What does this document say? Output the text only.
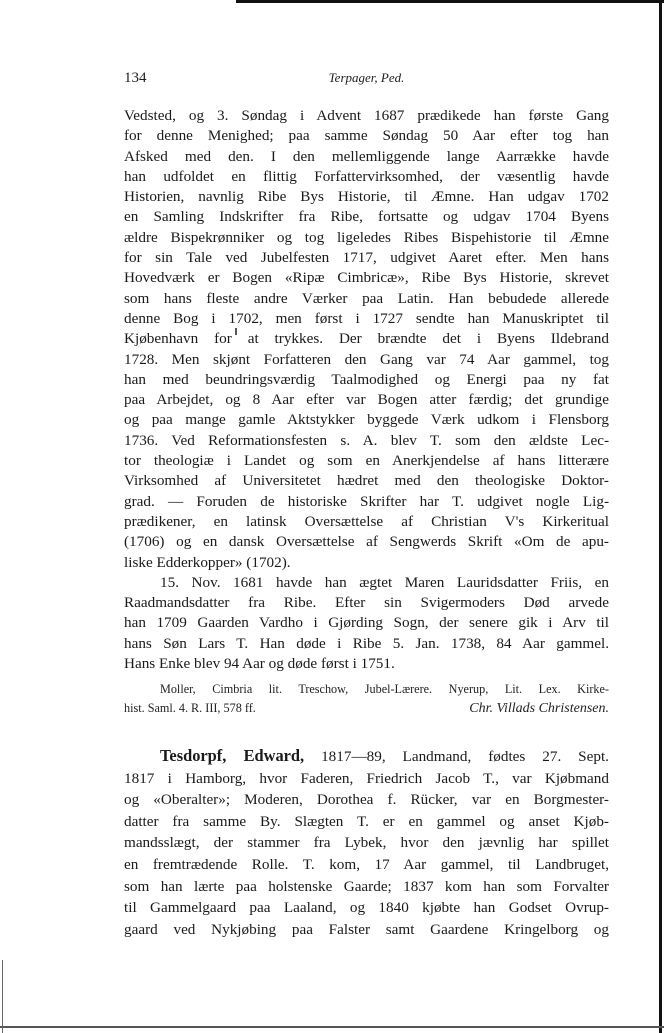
134	Terpager, Ped.
Vedsted, og 3. Søndag i Advent 1687 prædikede han første Gang
for denne Menighed; paa samme Søndag 50 Aar efter tog han
Afsked med den. I den mellemliggende lange Aarrække havde
han udfoldet en flittig Forfattervirksomhed, der væsentlig havde
Historien, navnlig Ribe Bys Historie, til Æmne. Han udgav 1702
en Samling Indskrifter fra Ribe, fortsatte og udgav 1704 Byens
ældre Bispekrønniker og tog ligeledes Ribes Bispehistorie til Æmne
for sin Tale ved Jubelfesten 1717, udgivet Aaret efter. Men hans
Hovedværk er Bogen «Ripæ Cimbricæ», Ribe Bys Historie, skrevet
som hans fleste andre Værker paa Latin. Han bebudede allerede
denne Bog i 1702, men først i 1727 sendte han Manuskriptet til
Kjøbenhavn for at trykkes. Der brændte det i Byens Ildebrand
1728. Men skjønt Forfatteren den Gang var 74 Aar gammel, tog
han med beundringsværdig Taalmodighed og Energi paa ny fat
paa Arbejdet, og 8 Aar efter var Bogen atter færdig; det grundige
og paa mange gamle Aktstykker byggede Værk udkom i Flensborg
1736. Ved Reformationsfesten s. A. blev T. som den ældste Lec-
tor theologiæ i Landet og som en Anerkjendelse af hans litterære
Virksomhed af Universitetet hædret med den theologiske Doktor-
grad. — Foruden de historiske Skrifter har T. udgivet nogle Lig-
prædikener, en latinsk Oversættelse af Christian V's Kirkeritual
(1706) og en dansk Oversættelse af Sengwerds Skrift «Om de apu-
liske Edderkopper» (1702).
15. Nov. 1681 havde han ægtet Maren Lauridsdatter Friis, en
Raadmandsdatter fra Ribe. Efter sin Svigermoders Død arvede
han 1709 Gaarden Vardho i Gjørding Sogn, der senere gik i Arv til
hans Søn Lars T. Han døde i Ribe 5. Jan. 1738, 84 Aar gammel.
Hans Enke blev 94 Aar og døde først i 1751.
Moller, Cimbria lit. Treschow, Jubel-Lærere. Nyerup, Lit. Lex. Kirke-
hist. Saml. 4. R. III, 578 ff.	Chr. Villads Christensen.
Tesdorpf, Edward, 1817—89, Landmand, fødtes 27. Sept.
1817 i Hamborg, hvor Faderen, Friedrich Jacob T., var Kjøbmand
og «Oberalter»; Moderen, Dorothea f. Rücker, var en Borgmester-
datter fra samme By. Slægten T. er en gammel og anset Kjøb-
mandsslægt, der stammer fra Lybek, hvor den jævnlig har spillet
en fremtrædende Rolle. T. kom, 17 Aar gammel, til Landbruget,
som han lærte paa holstenske Gaarde; 1837 kom han som Forvalter
til Gammelgaard paa Laaland, og 1840 kjøbte han Godset Ovrup-
gaard ved Nykjøbing paa Falster samt Gaardene Kringelborg og
